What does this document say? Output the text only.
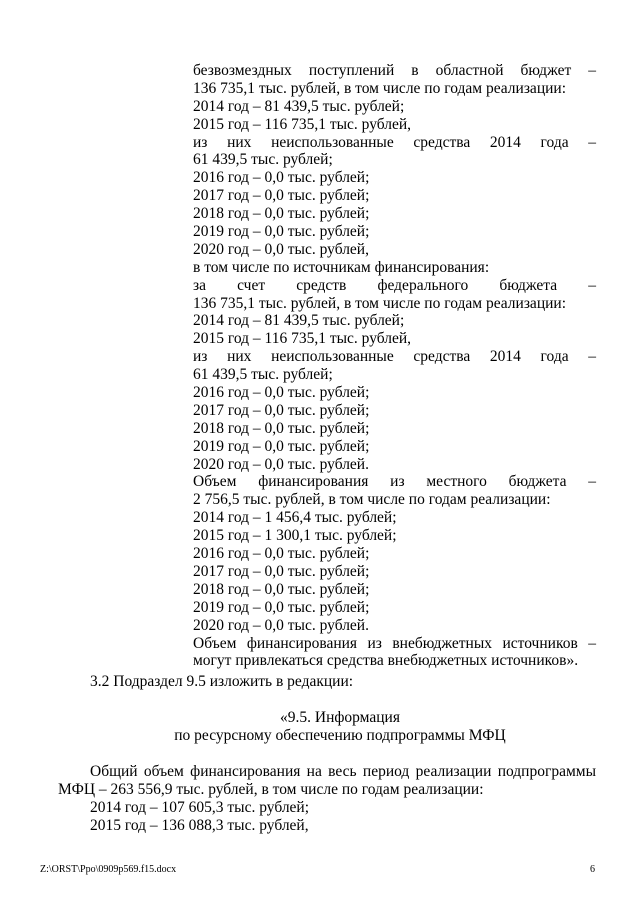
безвозмездных поступлений в областной бюджет –
136 735,1 тыс. рублей, в том числе по годам реализации:
2014 год – 81 439,5 тыс. рублей;
2015 год – 116 735,1 тыс. рублей,
из них неиспользованные средства 2014 года –
61 439,5 тыс. рублей;
2016 год – 0,0 тыс. рублей;
2017 год – 0,0 тыс. рублей;
2018 год – 0,0 тыс. рублей;
2019 год – 0,0 тыс. рублей;
2020 год – 0,0 тыс. рублей,
в том числе по источникам финансирования:
за счет средств федерального бюджета –
136 735,1 тыс. рублей, в том числе по годам реализации:
2014 год – 81 439,5 тыс. рублей;
2015 год – 116 735,1 тыс. рублей,
из них неиспользованные средства 2014 года –
61 439,5 тыс. рублей;
2016 год – 0,0 тыс. рублей;
2017 год – 0,0 тыс. рублей;
2018 год – 0,0 тыс. рублей;
2019 год – 0,0 тыс. рублей;
2020 год – 0,0 тыс. рублей.
Объем финансирования из местного бюджета –
2 756,5 тыс. рублей, в том числе по годам реализации:
2014 год – 1 456,4 тыс. рублей;
2015 год – 1 300,1 тыс. рублей;
2016 год – 0,0 тыс. рублей;
2017 год – 0,0 тыс. рублей;
2018 год – 0,0 тыс. рублей;
2019 год – 0,0 тыс. рублей;
2020 год – 0,0 тыс. рублей.
Объем финансирования из внебюджетных источников –
могут привлекаться средства внебюджетных источников».
3.2 Подраздел 9.5 изложить в редакции:
«9.5. Информация
по ресурсному обеспечению подпрограммы МФЦ
Общий объем финансирования на весь период реализации подпрограммы
МФЦ – 263 556,9 тыс. рублей, в том числе по годам реализации:
2014 год – 107 605,3 тыс. рублей;
2015 год – 136 088,3 тыс. рублей,
Z:\ORST\Ppo\0909p569.f15.docx	6
